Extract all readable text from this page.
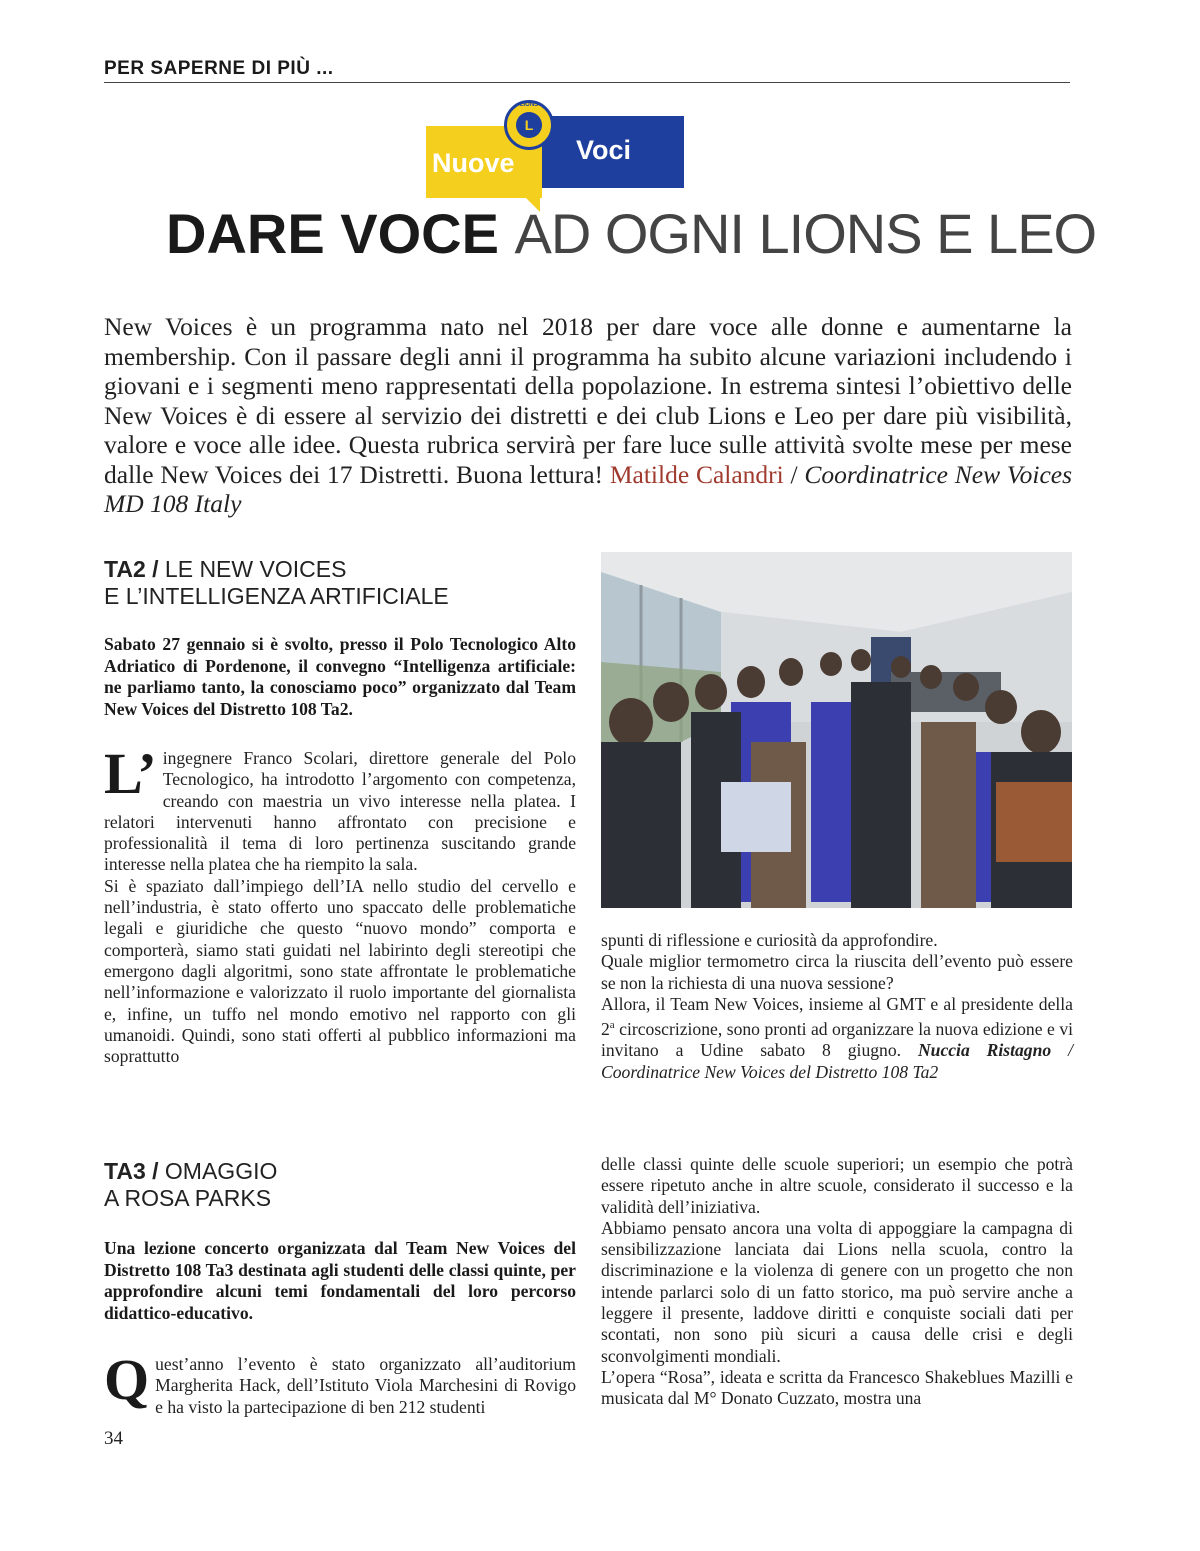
PER SAPERNE DI PIÙ ...
Nuove Voci
LIONS
L
DARE VOCE AD OGNI LIONS E LEO
New Voices è un programma nato nel 2018 per dare voce alle donne e aumentarne la membership. Con il passare degli anni il programma ha subito alcune variazioni includendo i giovani e i segmenti meno rappresentati della popolazione. In estrema sintesi l’obiettivo delle New Voices è di essere al servizio dei distretti e dei club Lions e Leo per dare più visibilità, valore e voce alle idee. Questa rubrica servirà per fare luce sulle attività svolte mese per mese dalle New Voices dei 17 Distretti. Buona lettura! Matilde Calandri / Coordinatrice New Voices MD 108 Italy
TA2 / LE NEW VOICES
E L’INTELLIGENZA ARTIFICIALE
Sabato 27 gennaio si è svolto, presso il Polo Tecnologico Alto Adriatico di Pordenone, il convegno “Intelligenza artificiale: ne parliamo tanto, la conosciamo poco” organizzato dal Team New Voices del Distretto 108 Ta2.

L’ ingegnere Franco Scolari, direttore generale del Polo Tecnologico, ha introdotto l’argomento con competenza, creando con maestria un vivo interesse nella platea. I relatori intervenuti hanno affrontato con precisione e professionalità il tema di loro pertinenza suscitando grande interesse nella platea che ha riempito la sala.

Si è spaziato dall’impiego dell’IA nello studio del cervello e nell’industria, è stato offerto uno spaccato delle problematiche legali e giuridiche che questo “nuovo mondo” comporta e comporterà, siamo stati guidati nel labirinto degli stereotipi che emergono dagli algoritmi, sono state affrontate le problematiche nell’informazione e valorizzato il ruolo importante del giornalista e, infine, un tuffo nel mondo emotivo nel rapporto con gli umanoidi. Quindi, sono stati offerti al pubblico informazioni ma soprattutto

spunti di riflessione e curiosità da approfondire.

Quale miglior termometro circa la riuscita dell’evento può essere se non la richiesta di una nuova sessione?

Allora, il Team New Voices, insieme al GMT e al presidente della 2$^a$ circoscrizione, sono pronti ad organizzare la nuova edizione e vi invitano a Udine sabato 8 giugno. Nuccia Ristagno / Coordinatrice New Voices del Distretto 108 Ta2

TA3 / OMAGGIO
A ROSA PARKS
Una lezione concerto organizzata dal Team New Voices del Distretto 108 Ta3 destinata agli studenti delle classi quinte, per approfondire alcuni temi fondamentali del loro percorso didattico-educativo.

Quest’anno l’evento è stato organizzato all’auditorium Margherita Hack, dell’Istituto Viola Marchesini di Rovigo e ha visto la partecipazione di ben 212 studenti

delle classi quinte delle scuole superiori; un esempio che potrà essere ripetuto anche in altre scuole, considerato il successo e la validità dell’iniziativa.

Abbiamo pensato ancora una volta di appoggiare la campagna di sensibilizzazione lanciata dai Lions nella scuola, contro la discriminazione e la violenza di genere con un progetto che non intende parlarci solo di un fatto storico, ma può servire anche a leggere il presente, laddove diritti e conquiste sociali dati per scontati, non sono più sicuri a causa delle crisi e degli sconvolgimenti mondiali.

L’opera “Rosa”, ideata e scritta da Francesco Shakeblues Mazilli e musicata dal M° Donato Cuzzato, mostra una

34
